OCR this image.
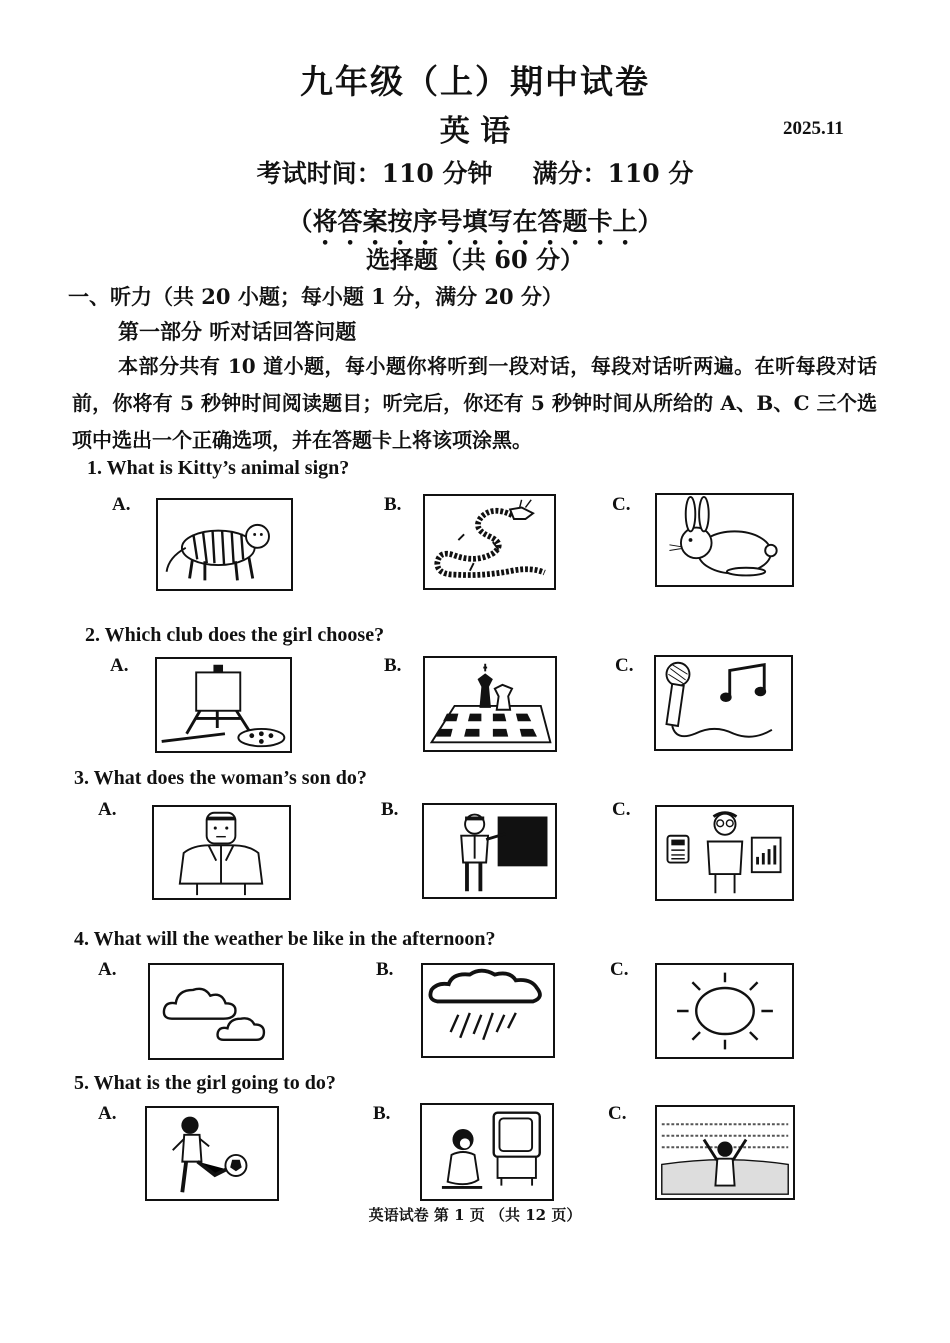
九年级（上）期中试卷
英 语	2025.11
考试时间：110 分钟 满分：110 分
（将答案按序号填写在答题卡上）
选择题（共 60 分）
一、听力（共 20 小题；每小题 1 分，满分 20 分）
第一部分 听对话回答问题
本部分共有 10 道小题，每小题你将听到一段对话，每段对话听两遍。在听每段对话前，你将有 5 秒钟时间阅读题目；听完后，你还有 5 秒钟时间从所给的 A、B、C 三个选项中选出一个正确选项，并在答题卡上将该项涂黑。
1. What is Kitty’s animal sign?
A.	B.	C.
2. Which club does the girl choose?
A.	B.	C.
3. What does the woman’s son do?
A.	B.	C.
4. What will the weather be like in the afternoon?
A.	B.	C.
5. What is the girl going to do?
A.	B.	C.
英语试卷 第 1 页 （共 12 页）
